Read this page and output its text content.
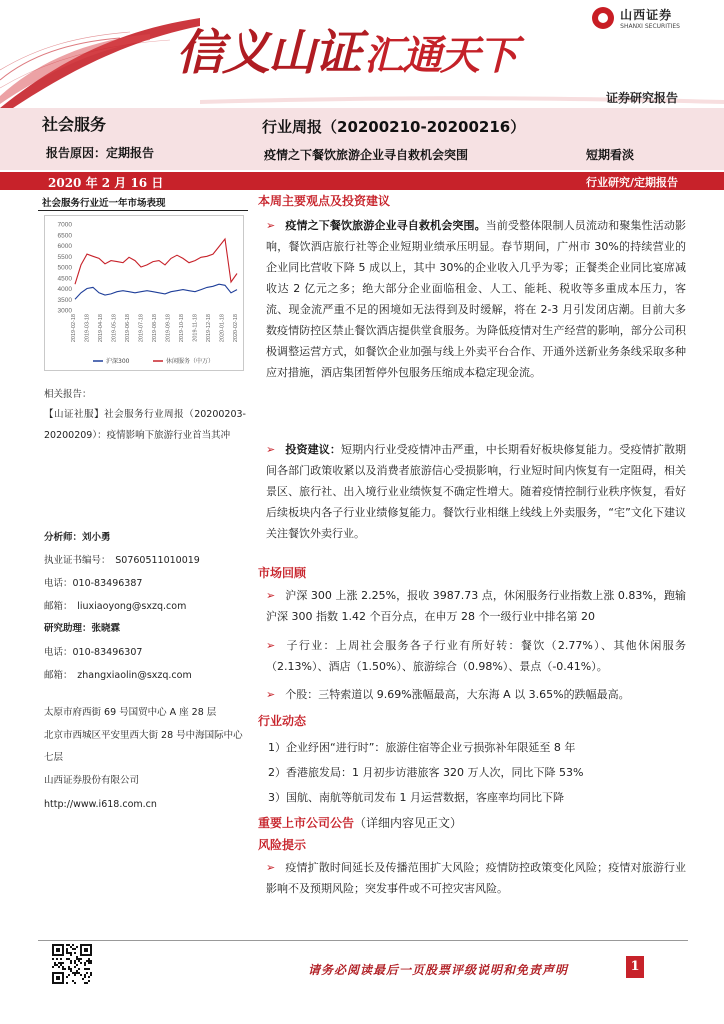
信义山证 汇通天下
山西证券
SHANXI SECURITIES
证券研究报告
社会服务
报告原因：定期报告
行业周报（20200210-20200216）
疫情之下餐饮旅游企业寻自救机会突围	短期看淡
2020 年 2 月 16 日	行业研究/定期报告
社会服务行业近一年市场表现
3000
3500
4000
4500
5000
5500
6000
6500
7000
2019-02-18 2019-03-18 2019-04-18 2019-05-18 2019-06-18 2019-07-18 2019-08-18 2019-09-18 2019-10-18 2019-11-18 2019-12-18 2020-01-18 2020-02-18
沪深300	休闲服务（中万）
相关报告：
【山证社服】社会服务行业周报（20200203-20200209）：疫情影响下旅游行业首当其冲
分析师：刘小勇
执业证书编号：　S0760511010019
电话：010-83496387
邮箱：　liuxiaoyong@sxzq.com
研究助理：张晓霖
电话：010-83496307
邮箱：　zhangxiaolin@sxzq.com
太原市府西街 69 号国贸中心 A 座 28 层
北京市西城区平安里西大街 28 号中海国际中心七层
山西证券股份有限公司
http://www.i618.com.cn
本周主要观点及投资建议
➢ 疫情之下餐饮旅游企业寻自救机会突围。当前受整体限制人员流动和聚集性活动影响，餐饮酒店旅行社等企业短期业绩承压明显。春节期间，广州市 30%的持续营业的企业同比营收下降 5 成以上，其中 30%的企业收入几乎为零；正餐类企业同比宴席减收达 2 亿元之多；绝大部分企业面临租金、人工、能耗、税收等多重成本压力，客流、现金流严重不足的困境如无法得到及时缓解，将在 2-3 月引发闭店潮。目前大多数疫情防控区禁止餐饮酒店提供堂食服务。为降低疫情对生产经营的影响，部分公司积极调整运营方式，如餐饮企业加强与线上外卖平台合作、开通外送新业务条线采取多种应对措施，酒店集团暂停外包服务压缩成本稳定现金流。
➢ 投资建议：短期内行业受疫情冲击严重，中长期看好板块修复能力。受疫情扩散期间各部门政策收紧以及消费者旅游信心受损影响，行业短时间内恢复有一定阻碍，相关景区、旅行社、出入境行业业绩恢复不确定性增大。随着疫情控制行业秩序恢复，看好后续板块内各子行业业绩修复能力。餐饮行业相继上线线上外卖服务，“宅”文化下建议关注餐饮外卖行业。
市场回顾
➢ 沪深 300 上涨 2.25%，报收 3987.73 点，休闲服务行业指数上涨 0.83%，跑输沪深 300 指数 1.42 个百分点，在申万 28 个一级行业中排名第 20
➢ 子行业：上周社会服务各子行业有所好转：餐饮（2.77%）、其他休闲服务（2.13%）、酒店（1.50%）、旅游综合（0.98%）、景点（-0.41%）。
➢ 个股：三特索道以 9.69%涨幅最高，大东海 A 以 3.65%的跌幅最高。
行业动态
1）企业纾困“进行时”：旅游住宿等企业亏损弥补年限延至 8 年
2）香港旅发局：1 月初步访港旅客 320 万人次，同比下降 53%
3）国航、南航等航司发布 1 月运营数据，客座率均同比下降
重要上市公司公告（详细内容见正文）
风险提示
➢ 疫情扩散时间延长及传播范围扩大风险；疫情防控政策变化风险；疫情对旅游行业影响不及预期风险；突发事件或不可控灾害风险。
请务必阅读最后一页股票评级说明和免责声明	1
